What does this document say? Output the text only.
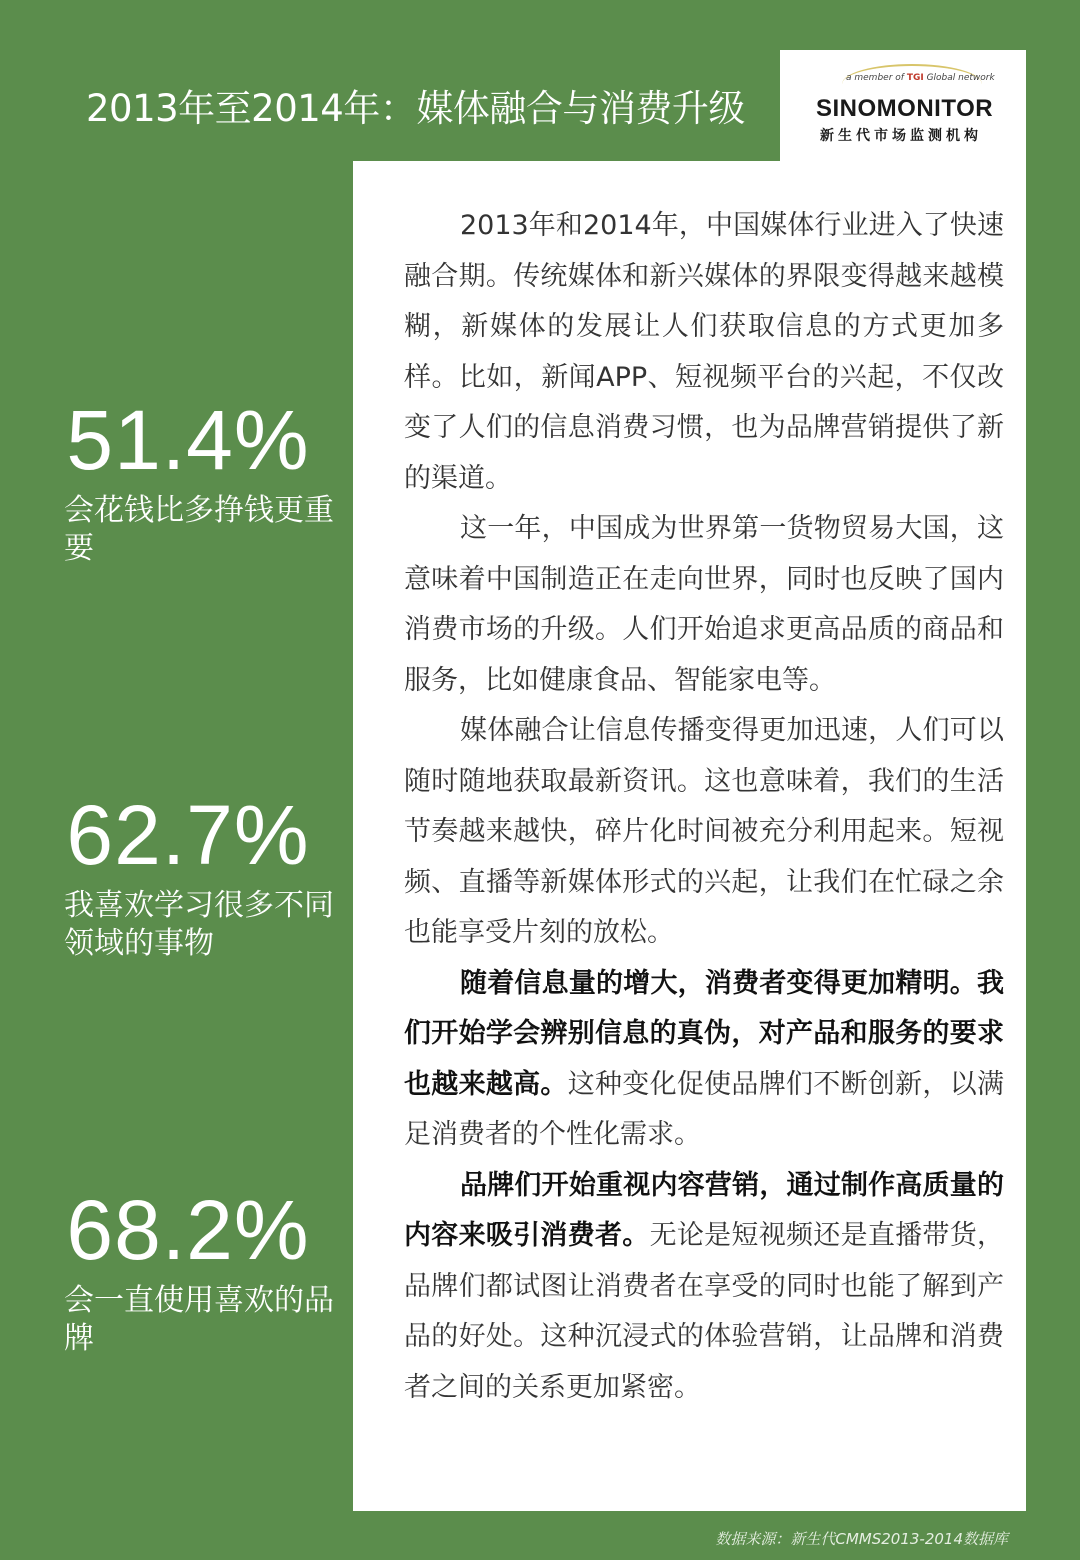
2013年至2014年：媒体融合与消费升级
a member of TGI Global network
SINOMONITOR
新生代市场监测机构
51.4%
会花钱比多挣钱更重要
62.7%
我喜欢学习很多不同领域的事物
68.2%
会一直使用喜欢的品牌

2013年和2014年，中国媒体行业进入了快速融合期。传统媒体和新兴媒体的界限变得越来越模糊，新媒体的发展让人们获取信息的方式更加多样。比如，新闻APP、短视频平台的兴起，不仅改变了人们的信息消费习惯，也为品牌营销提供了新的渠道。

这一年，中国成为世界第一货物贸易大国，这意味着中国制造正在走向世界，同时也反映了国内消费市场的升级。人们开始追求更高品质的商品和服务，比如健康食品、智能家电等。

媒体融合让信息传播变得更加迅速，人们可以随时随地获取最新资讯。这也意味着，我们的生活节奏越来越快，碎片化时间被充分利用起来。短视频、直播等新媒体形式的兴起，让我们在忙碌之余也能享受片刻的放松。

随着信息量的增大，消费者变得更加精明。我们开始学会辨别信息的真伪，对产品和服务的要求也越来越高。这种变化促使品牌们不断创新，以满足消费者的个性化需求。

品牌们开始重视内容营销，通过制作高质量的内容来吸引消费者。无论是短视频还是直播带货，品牌们都试图让消费者在享受的同时也能了解到产品的好处。这种沉浸式的体验营销，让品牌和消费者之间的关系更加紧密。

数据来源：新生代CMMS2013-2014数据库
